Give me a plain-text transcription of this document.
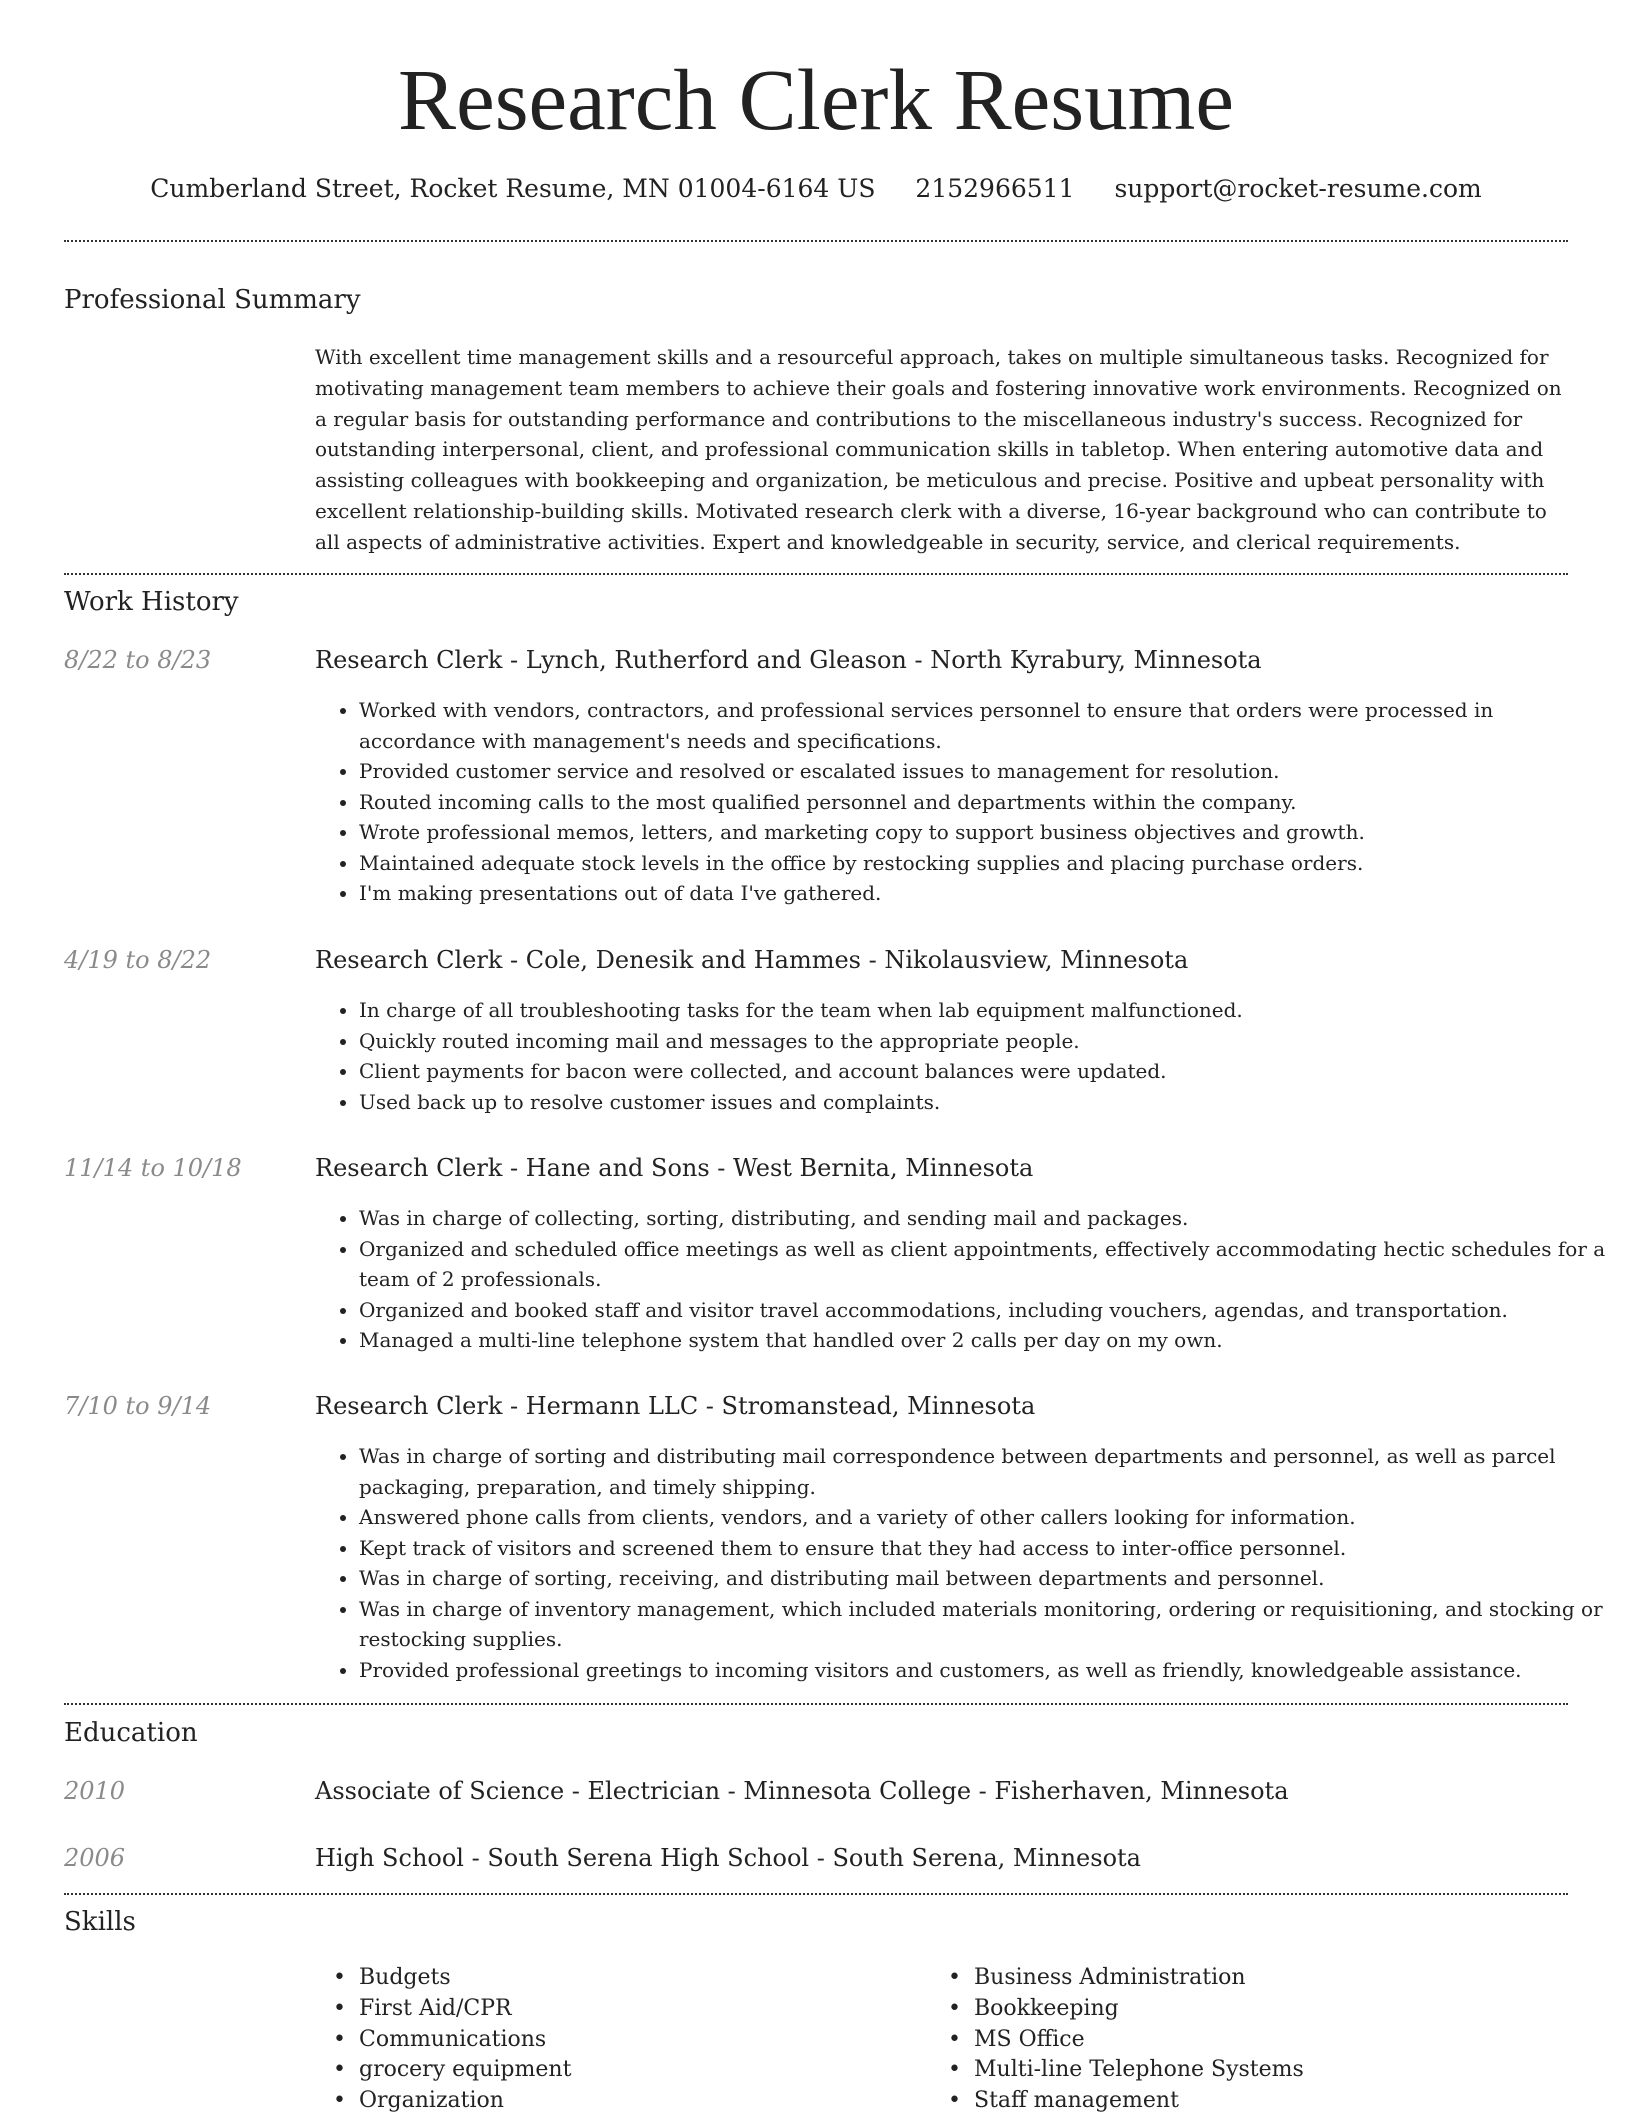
Research Clerk Resume
Cumberland Street, Rocket Resume, MN 01004-6164 US 2152966511 support@rocket-resume.com
Professional Summary

With excellent time management skills and a resourceful approach, takes on multiple simultaneous tasks. Recognized for motivating management team members to achieve their goals and fostering innovative work environments. Recognized on a regular basis for outstanding performance and contributions to the miscellaneous industry's success. Recognized for outstanding interpersonal, client, and professional communication skills in tabletop. When entering automotive data and assisting colleagues with bookkeeping and organization, be meticulous and precise. Positive and upbeat personality with excellent relationship-building skills. Motivated research clerk with a diverse, 16-year background who can contribute to all aspects of administrative activities. Expert and knowledgeable in security, service, and clerical requirements.

Work History
8/22 to 8/23	Research Clerk - Lynch, Rutherford and Gleason - North Kyrabury, Minnesota
• Worked with vendors, contractors, and professional services personnel to ensure that orders were processed in accordance with management's needs and specifications.
• Provided customer service and resolved or escalated issues to management for resolution.
• Routed incoming calls to the most qualified personnel and departments within the company.
• Wrote professional memos, letters, and marketing copy to support business objectives and growth.
• Maintained adequate stock levels in the office by restocking supplies and placing purchase orders.
• I'm making presentations out of data I've gathered.
4/19 to 8/22	Research Clerk - Cole, Denesik and Hammes - Nikolausview, Minnesota
• In charge of all troubleshooting tasks for the team when lab equipment malfunctioned.
• Quickly routed incoming mail and messages to the appropriate people.
• Client payments for bacon were collected, and account balances were updated.
• Used back up to resolve customer issues and complaints.
11/14 to 10/18	Research Clerk - Hane and Sons - West Bernita, Minnesota
• Was in charge of collecting, sorting, distributing, and sending mail and packages.
• Organized and scheduled office meetings as well as client appointments, effectively accommodating hectic schedules for a team of 2 professionals.
• Organized and booked staff and visitor travel accommodations, including vouchers, agendas, and transportation.
• Managed a multi-line telephone system that handled over 2 calls per day on my own.
7/10 to 9/14	Research Clerk - Hermann LLC - Stromanstead, Minnesota
• Was in charge of sorting and distributing mail correspondence between departments and personnel, as well as parcel packaging, preparation, and timely shipping.
• Answered phone calls from clients, vendors, and a variety of other callers looking for information.
• Kept track of visitors and screened them to ensure that they had access to inter-office personnel.
• Was in charge of sorting, receiving, and distributing mail between departments and personnel.
• Was in charge of inventory management, which included materials monitoring, ordering or requisitioning, and stocking or restocking supplies.
• Provided professional greetings to incoming visitors and customers, as well as friendly, knowledgeable assistance.
Education
2010	Associate of Science - Electrician - Minnesota College - Fisherhaven, Minnesota
2006	High School - South Serena High School - South Serena, Minnesota
Skills
• Budgets	• Business Administration
• First Aid/CPR	• Bookkeeping
• Communications	• MS Office
• grocery equipment	• Multi-line Telephone Systems
• Organization	• Staff management
